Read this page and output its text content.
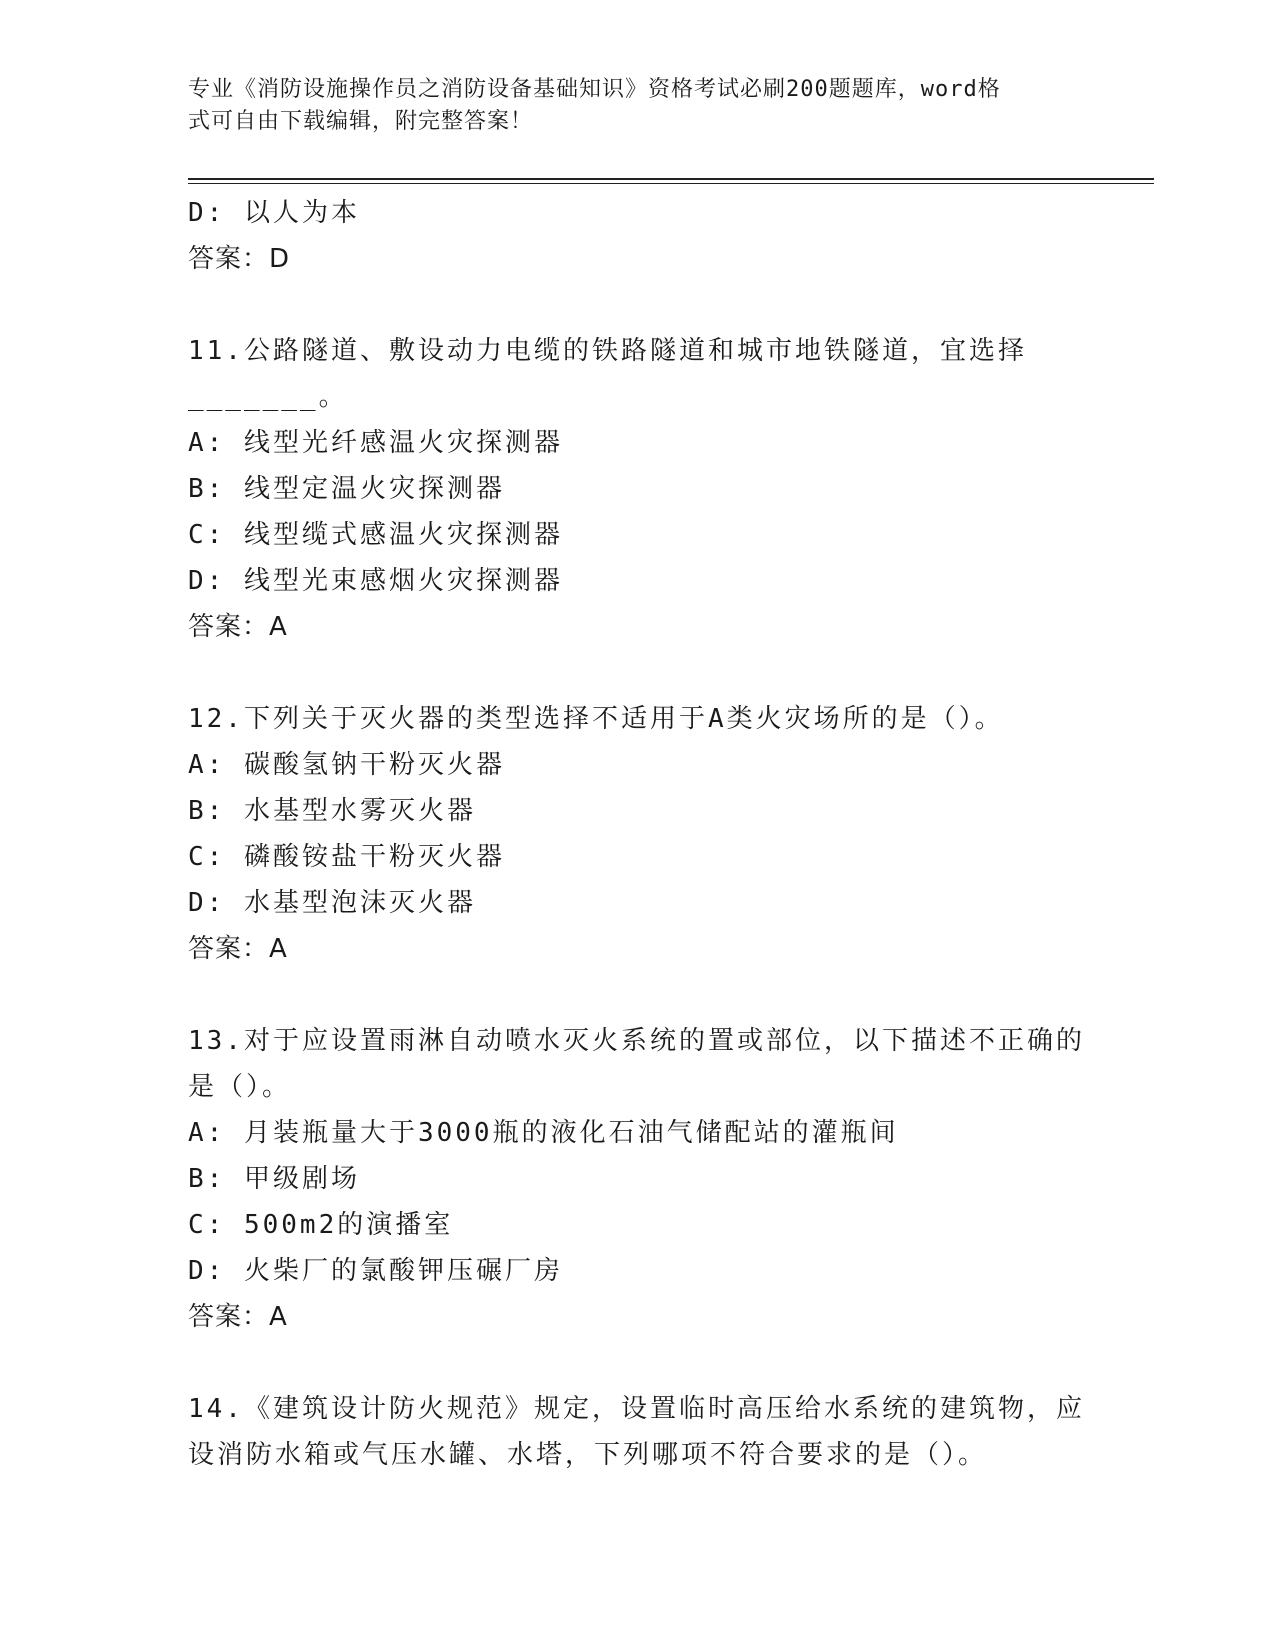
专业《消防设施操作员之消防设备基础知识》资格考试必刷200题题库，word格
式可自由下载编辑，附完整答案！
D: 以人为本
答案：D
11.公路隧道、敷设动力电缆的铁路隧道和城市地铁隧道，宜选择
_______。
A: 线型光纤感温火灾探测器
B: 线型定温火灾探测器
C: 线型缆式感温火灾探测器
D: 线型光束感烟火灾探测器
答案：A
12.下列关于灭火器的类型选择不适用于A类火灾场所的是（）。
A: 碳酸氢钠干粉灭火器
B: 水基型水雾灭火器
C: 磷酸铵盐干粉灭火器
D: 水基型泡沫灭火器
答案：A
13.对于应设置雨淋自动喷水灭火系统的置或部位，以下描述不正确的
是（）。
A: 月装瓶量大于3000瓶的液化石油气储配站的灌瓶间
B: 甲级剧场
C: 500m2的演播室
D: 火柴厂的氯酸钾压碾厂房
答案：A
14.《建筑设计防火规范》规定，设置临时高压给水系统的建筑物，应
设消防水箱或气压水罐、水塔，下列哪项不符合要求的是（）。
